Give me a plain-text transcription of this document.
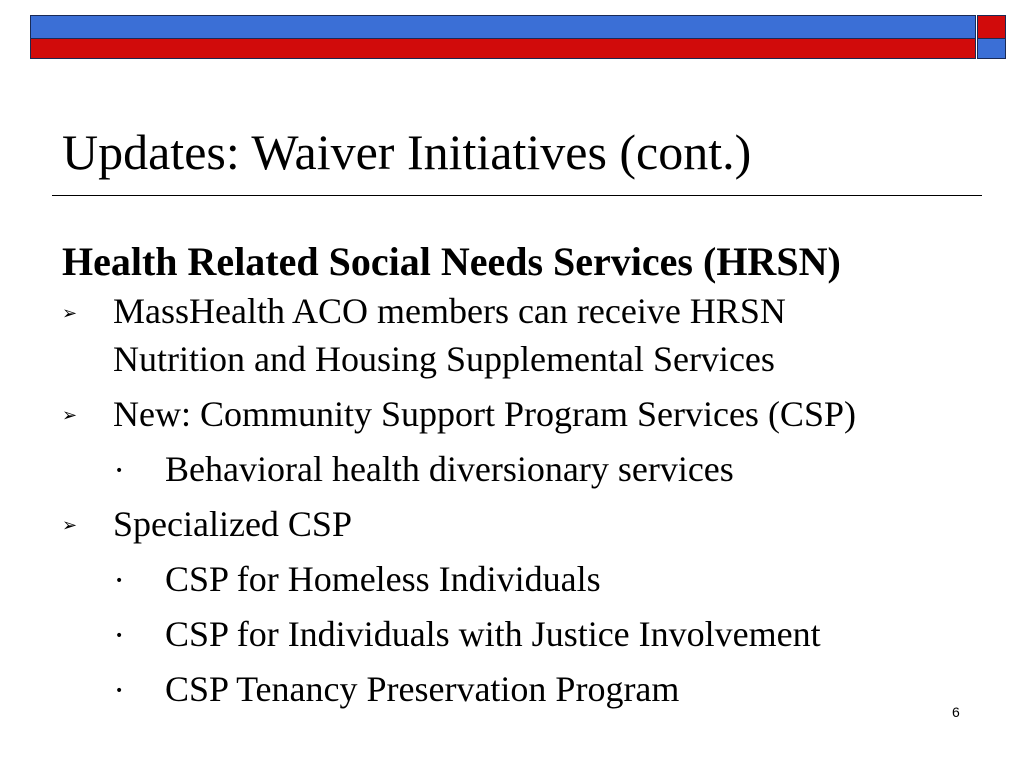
Updates: Waiver Initiatives (cont.)
Health Related Social Needs Services (HRSN)
➢ MassHealth ACO members can receive HRSN
Nutrition and Housing Supplemental Services
➢ New: Community Support Program Services (CSP)
• Behavioral health diversionary services
➢ Specialized CSP
• CSP for Homeless Individuals
• CSP for Individuals with Justice Involvement
• CSP Tenancy Preservation Program
6
